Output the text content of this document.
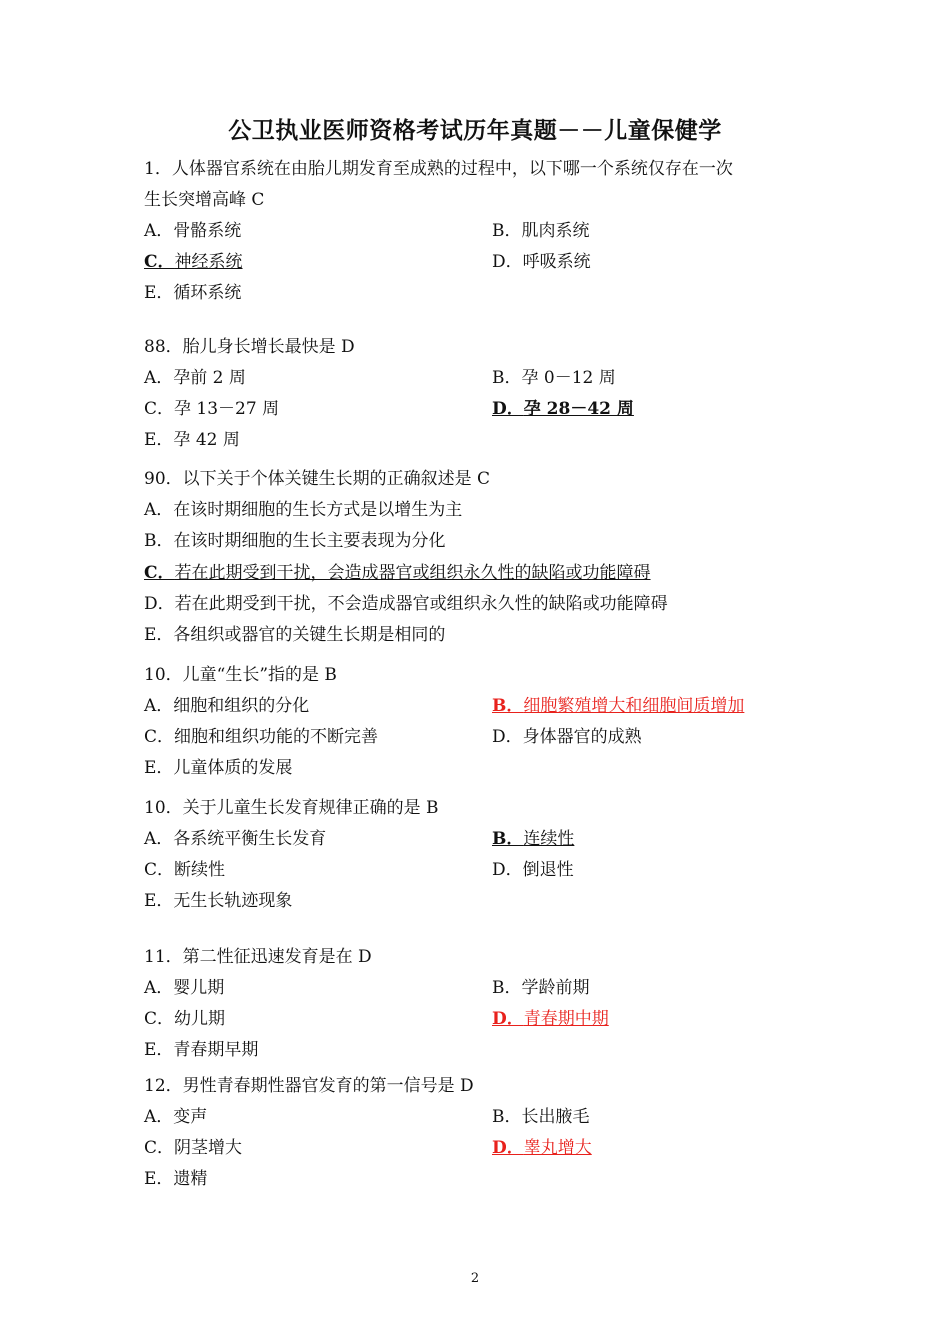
公卫执业医师资格考试历年真题－－儿童保健学
1．人体器官系统在由胎儿期发育至成熟的过程中，以下哪一个系统仅存在一次
生长突增高峰 C
A．骨骼系统	B．肌肉系统
C．神经系统	D．呼吸系统
E．循环系统
88．胎儿身长增长最快是 D
A．孕前 2 周	B．孕 0－12 周
C．孕 13－27 周	D．孕 28－42 周
E．孕 42 周
90．以下关于个体关键生长期的正确叙述是 C
A．在该时期细胞的生长方式是以增生为主
B．在该时期细胞的生长主要表现为分化
C．若在此期受到干扰，会造成器官或组织永久性的缺陷或功能障碍
D．若在此期受到干扰，不会造成器官或组织永久性的缺陷或功能障碍
E．各组织或器官的关键生长期是相同的
10．儿童“生长”指的是 B
A．细胞和组织的分化	B．细胞繁殖增大和细胞间质增加
C．细胞和组织功能的不断完善	D．身体器官的成熟
E．儿童体质的发展
10．关于儿童生长发育规律正确的是 B
A．各系统平衡生长发育	B．连续性
C．断续性	D．倒退性
E．无生长轨迹现象
11．第二性征迅速发育是在 D
A．婴儿期	B．学龄前期
C．幼儿期	D．青春期中期
E．青春期早期
12．男性青春期性器官发育的第一信号是 D
A．变声	B．长出腋毛
C．阴茎增大	D．睾丸增大
E．遗精
2
